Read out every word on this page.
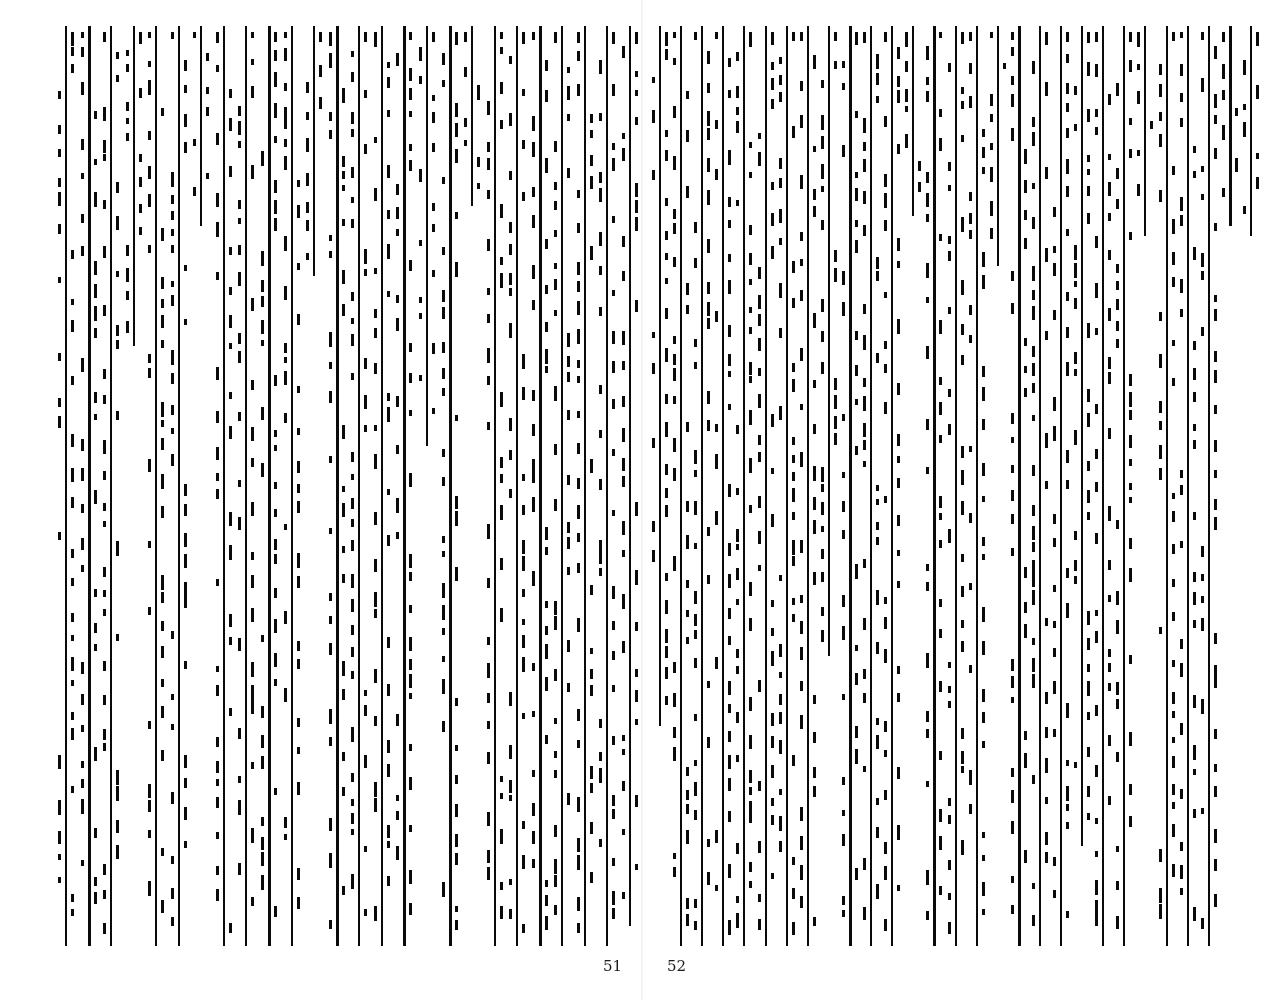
51	52
